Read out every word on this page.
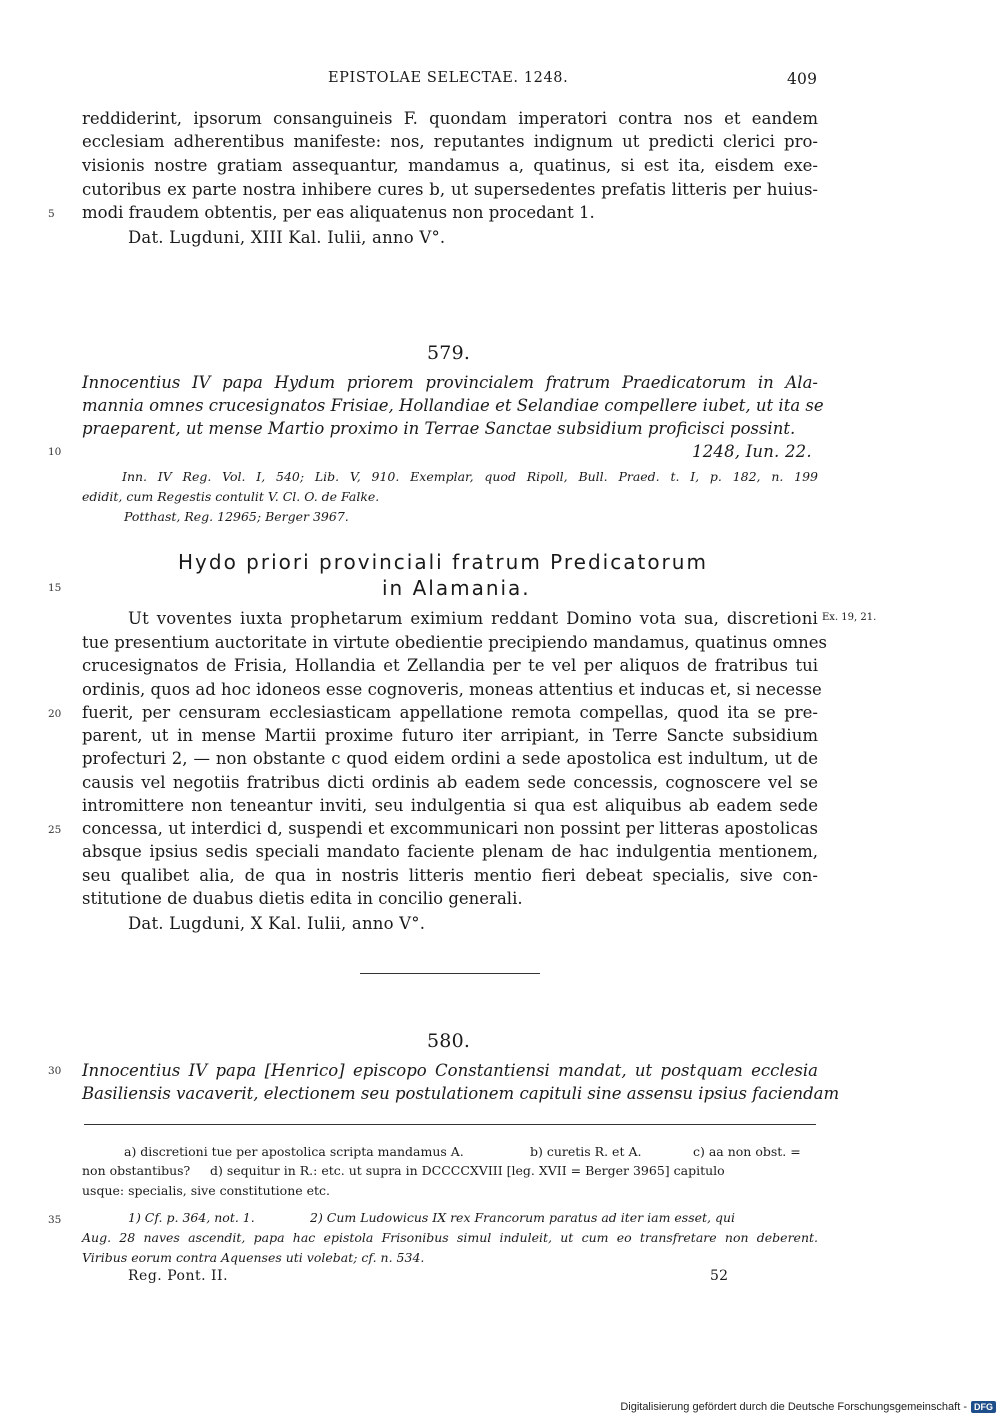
EPISTOLAE SELECTAE. 1248.	409
reddiderint, ipsorum consanguineis F. quondam imperatori contra nos et eandem
ecclesiam adherentibus manifeste: nos, reputantes indignum ut predicti clerici pro-
visionis nostre gratiam assequantur, mandamus a, quatinus, si est ita, eisdem exe-
cutoribus ex parte nostra inhibere cures b, ut supersedentes prefatis litteris per huius-
modi fraudem obtentis, per eas aliquatenus non procedant 1.
Dat. Lugduni, XIII Kal. Iulii, anno V°.
579.
Innocentius IV papa Hydum priorem provincialem fratrum Praedicatorum in Ala-
mannia omnes crucesignatos Frisiae, Hollandiae et Selandiae compellere iubet, ut ita se
praeparent, ut mense Martio proximo in Terrae Sanctae subsidium proficisci possint.
1248, Iun. 22.
Inn. IV Reg. Vol. I, 540; Lib. V, 910. Exemplar, quod Ripoll, Bull. Praed. t. I, p. 182, n. 199
edidit, cum Regestis contulit V. Cl. O. de Falke.
Potthast, Reg. 12965; Berger 3967.
Hydo priori provinciali fratrum Predicatorum
in Alamania.
Ut voventes iuxta prophetarum eximium reddant Domino vota sua, discretioni Ex. 19, 21.
tue presentium auctoritate in virtute obedientie precipiendo mandamus, quatinus omnes
crucesignatos de Frisia, Hollandia et Zellandia per te vel per aliquos de fratribus tui
ordinis, quos ad hoc idoneos esse cognoveris, moneas attentius et inducas et, si necesse
fuerit, per censuram ecclesiasticam appellatione remota compellas, quod ita se pre-
parent, ut in mense Martii proxime futuro iter arripiant, in Terre Sancte subsidium
profecturi 2, — non obstante c quod eidem ordini a sede apostolica est indultum, ut de
causis vel negotiis fratribus dicti ordinis ab eadem sede concessis, cognoscere vel se
intromittere non teneantur inviti, seu indulgentia si qua est aliquibus ab eadem sede
concessa, ut interdici d, suspendi et excommunicari non possint per litteras apostolicas
absque ipsius sedis speciali mandato faciente plenam de hac indulgentia mentionem,
seu qualibet alia, de qua in nostris litteris mentio fieri debeat specialis, sive con-
stitutione de duabus dietis edita in concilio generali.
Dat. Lugduni, X Kal. Iulii, anno V°.
580.
Innocentius IV papa [Henrico] episcopo Constantiensi mandat, ut postquam ecclesia
Basiliensis vacaverit, electionem seu postulationem capituli sine assensu ipsius faciendam
a) discretioni tue per apostolica scripta mandamus A.	b) curetis R. et A.	c) aa non obst. =
non obstantibus? d) sequitur in R.: etc. ut supra in DCCCCXVIII [leg. XVII = Berger 3965] capitulo
usque: specialis, sive constitutione etc.
1) Cf. p. 364, not. 1.	2) Cum Ludowicus IX rex Francorum paratus ad iter iam esset, qui
Aug. 28 naves ascendit, papa hac epistola Frisonibus simul induleit, ut cum eo transfretare non deberent.
Viribus eorum contra Aquenses uti volebat; cf. n. 534.
Reg. Pont. II.	52
5
10
15
20
25
30
35
Digitalisierung gefördert durch die Deutsche Forschungsgemeinschaft - DFG
